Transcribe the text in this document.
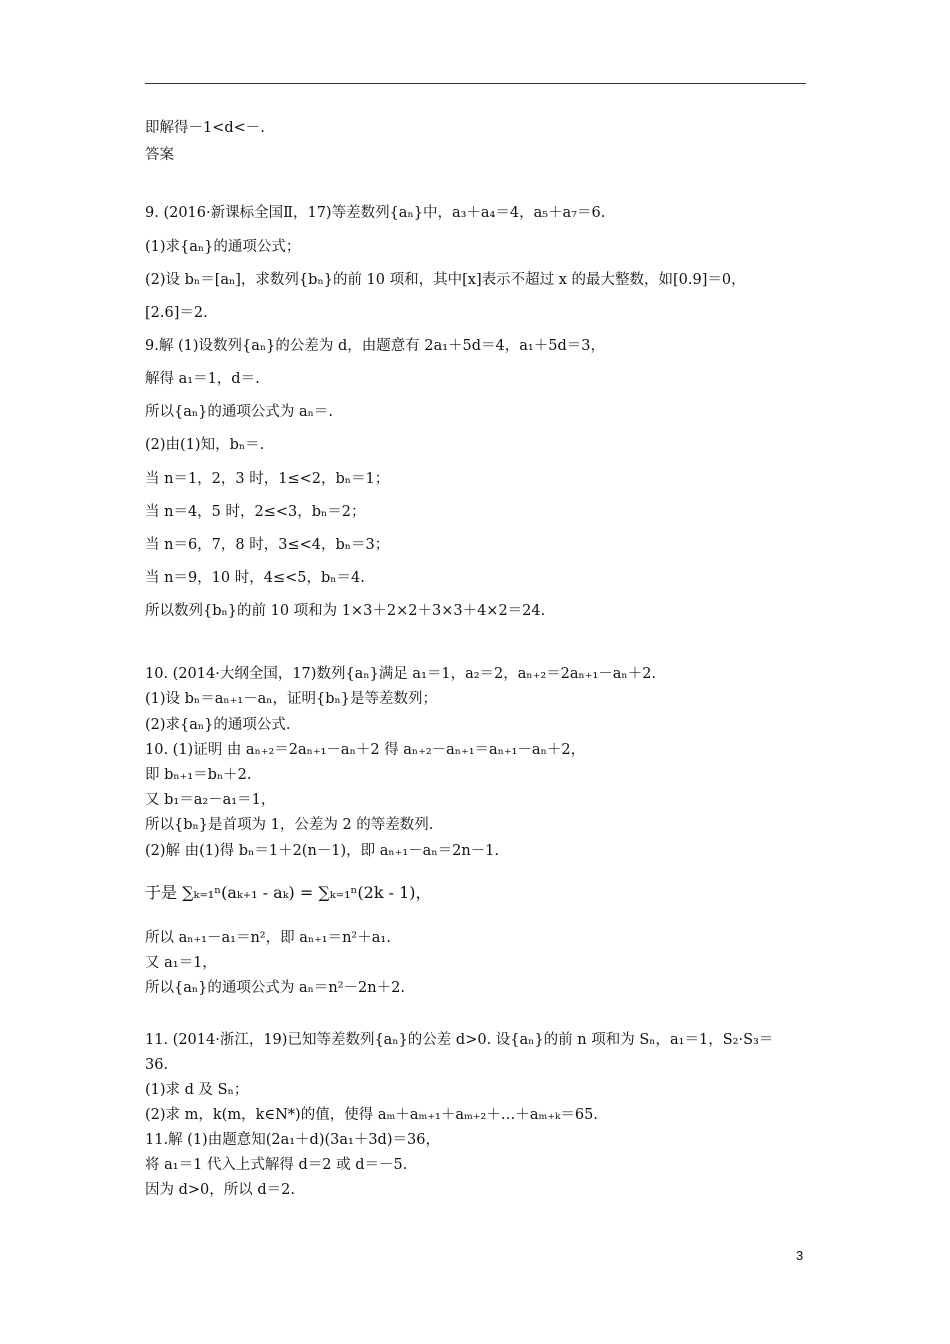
即解得－1<d<－.
答案
9. (2016·新课标全国Ⅱ，17)等差数列{aₙ}中，a₃＋a₄＝4，a₅＋a₇＝6.
(1)求{aₙ}的通项公式；
(2)设 bₙ＝[aₙ]，求数列{bₙ}的前 10 项和，其中[x]表示不超过 x 的最大整数，如[0.9]＝0，
[2.6]＝2.
9.解 (1)设数列{aₙ}的公差为 d，由题意有 2a₁＋5d＝4，a₁＋5d＝3，
解得 a₁＝1，d＝.
所以{aₙ}的通项公式为 aₙ＝.
(2)由(1)知，bₙ＝.
当 n＝1，2，3 时，1≤<2，bₙ＝1；
当 n＝4，5 时，2≤<3，bₙ＝2；
当 n＝6，7，8 时，3≤<4，bₙ＝3；
当 n＝9，10 时，4≤<5，bₙ＝4.
所以数列{bₙ}的前 10 项和为 1×3＋2×2＋3×3＋4×2＝24.
10. (2014·大纲全国，17)数列{aₙ}满足 a₁＝1，a₂＝2，aₙ₊₂＝2aₙ₊₁－aₙ＋2.
(1)设 bₙ＝aₙ₊₁－aₙ，证明{bₙ}是等差数列；
(2)求{aₙ}的通项公式.
10. (1)证明 由 aₙ₊₂＝2aₙ₊₁－aₙ＋2 得 aₙ₊₂－aₙ₊₁＝aₙ₊₁－aₙ＋2，
即 bₙ₊₁＝bₙ＋2.
又 b₁＝a₂－a₁＝1，
所以{bₙ}是首项为 1，公差为 2 的等差数列.
(2)解 由(1)得 bₙ＝1＋2(n－1)，即 aₙ₊₁－aₙ＝2n－1.
于是 ∑ₖ₌₁ⁿ(aₖ₊₁ - aₖ) = ∑ₖ₌₁ⁿ(2k - 1)，
所以 aₙ₊₁－a₁＝n²，即 aₙ₊₁＝n²＋a₁.
又 a₁＝1，
所以{aₙ}的通项公式为 aₙ＝n²－2n＋2.
11. (2014·浙江，19)已知等差数列{aₙ}的公差 d>0. 设{aₙ}的前 n 项和为 Sₙ，a₁＝1，S₂·S₃＝
36.
(1)求 d 及 Sₙ；
(2)求 m，k(m，k∈N*)的值，使得 aₘ＋aₘ₊₁＋aₘ₊₂＋…＋aₘ₊ₖ＝65.
11.解 (1)由题意知(2a₁＋d)(3a₁＋3d)＝36，
将 a₁＝1 代入上式解得 d＝2 或 d＝－5.
因为 d>0，所以 d＝2.
3
